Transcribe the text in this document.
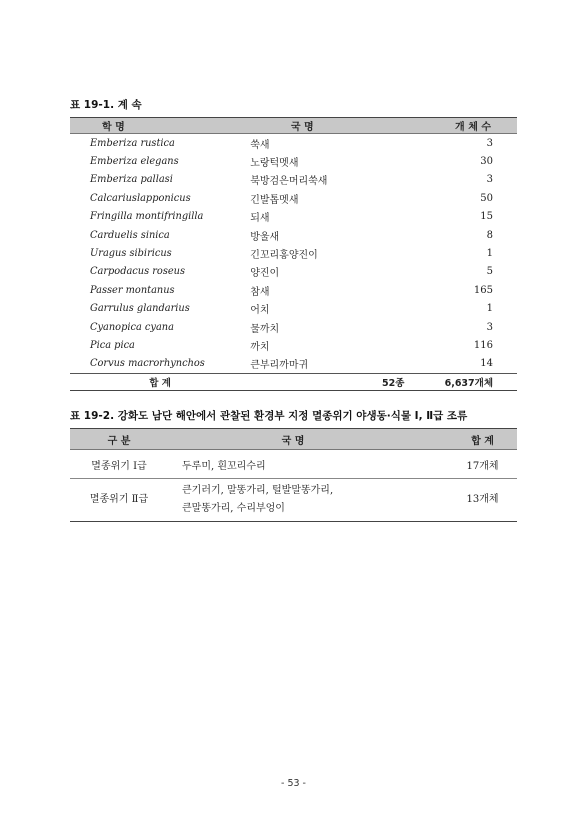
표 19-1. 계 속
학 명	국 명	개 체 수
Emberiza rustica	쑥새	3
Emberiza elegans	노랑턱멧새	30
Emberiza pallasi	북방검은머리쑥새	3
Calcariuslapponicus	긴발톱멧새	50
Fringilla montifringilla	되새	15
Carduelis sinica	방울새	8
Uragus sibiricus	긴꼬리홍양진이	1
Carpodacus roseus	양진이	5
Passer montanus	참새	165
Garrulus glandarius	어치	1
Cyanopica cyana	물까치	3
Pica pica	까치	116
Corvus macrorhynchos	큰부리까마귀	14
합 계	52종	6,637개체
표 19-2. 강화도 남단 해안에서 관찰된 환경부 지정 멸종위기 야생동·식물 Ⅰ, Ⅱ급 조류
구 분	국 명	합 계
멸종위기 Ⅰ급	두루미, 흰꼬리수리	17개체
멸종위기 Ⅱ급	큰기러기, 말똥가리, 털발말똥가리,
큰말똥가리, 수리부엉이	13개체
- 53 -
